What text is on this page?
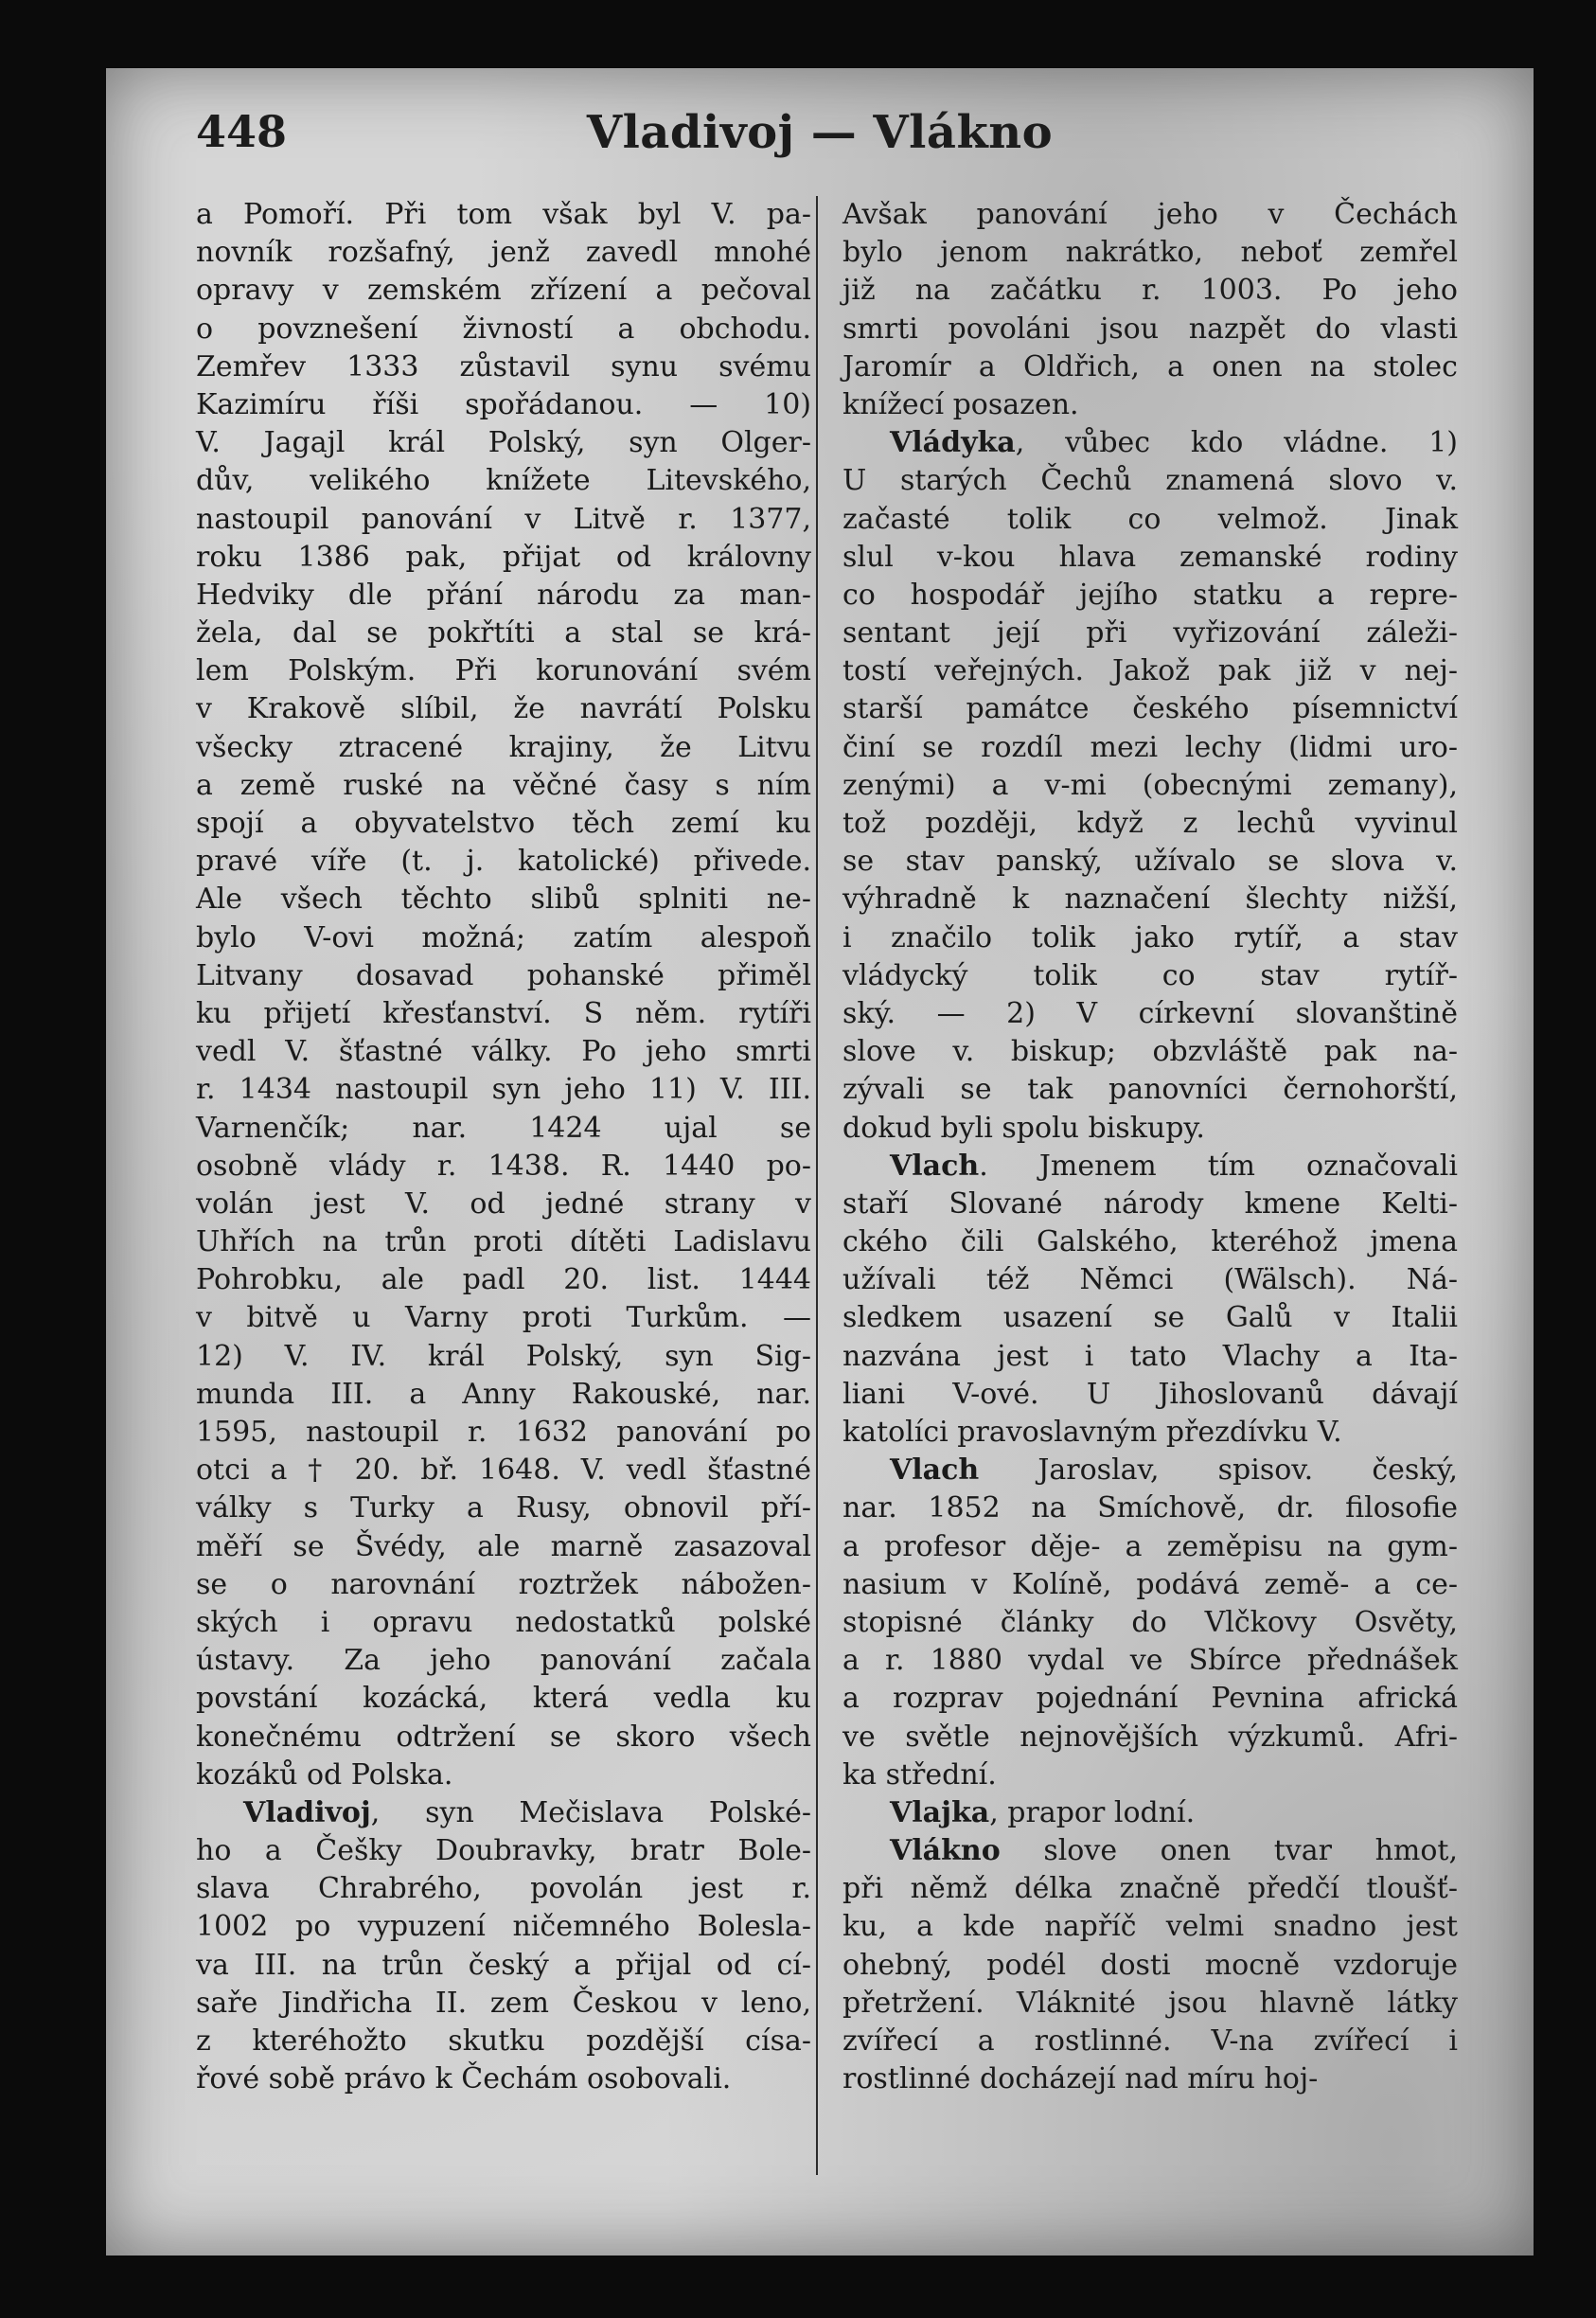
448	Vladivoj — Vlákno
a Pomoří. Při tom však byl V. pa-
novník rozšafný, jenž zavedl mnohé
opravy v zemském zřízení a pečoval
o povznešení živností a obchodu.
Zemřev 1333 zůstavil synu svému
Kazimíru říši spořádanou. — 10)
V. Jagajl král Polský, syn Olger-
dův, velikého knížete Litevského,
nastoupil panování v Litvě r. 1377,
roku 1386 pak, přijat od královny
Hedviky dle přání národu za man-
žela, dal se pokřtíti a stal se krá-
lem Polským. Při korunování svém
v Krakově slíbil, že navrátí Polsku
všecky ztracené krajiny, že Litvu
a země ruské na věčné časy s ním
spojí a obyvatelstvo těch zemí ku
pravé víře (t. j. katolické) přivede.
Ale všech těchto slibů splniti ne-
bylo V-ovi možná; zatím alespoň
Litvany dosavad pohanské přiměl
ku přijetí křesťanství. S něm. rytíři
vedl V. šťastné války. Po jeho smrti
r. 1434 nastoupil syn jeho 11) V. III.
Varnenčík; nar. 1424 ujal se
osobně vlády r. 1438. R. 1440 po-
volán jest V. od jedné strany v
Uhřích na trůn proti dítěti Ladislavu
Pohrobku, ale padl 20. list. 1444
v bitvě u Varny proti Turkům. —
12) V. IV. král Polský, syn Sig-
munda III. a Anny Rakouské, nar.
1595, nastoupil r. 1632 panování po
otci a † 20. bř. 1648. V. vedl šťastné
války s Turky a Rusy, obnovil pří-
měří se Švédy, ale marně zasazoval
se o narovnání roztržek nábožen-
ských i opravu nedostatků polské
ústavy. Za jeho panování začala
povstání kozácká, která vedla ku
konečnému odtržení se skoro všech
kozáků od Polska.
Vladivoj, syn Mečislava Polské-
ho a Češky Doubravky, bratr Bole-
slava Chrabrého, povolán jest r.
1002 po vypuzení ničemného Bolesla-
va III. na trůn český a přijal od cí-
saře Jindřicha II. zem Českou v leno,
z kteréhožto skutku pozdější císa-
řové sobě právo k Čechám osobovali.
Avšak panování jeho v Čechách
bylo jenom nakrátko, neboť zemřel
již na začátku r. 1003. Po jeho
smrti povoláni jsou nazpět do vlasti
Jaromír a Oldřich, a onen na stolec
knížecí posazen.
Vládyka, vůbec kdo vládne. 1)
U starých Čechů znamená slovo v.
začasté tolik co velmož. Jinak
slul v-kou hlava zemanské rodiny
co hospodář jejího statku a repre-
sentant její při vyřizování záleži-
tostí veřejných. Jakož pak již v nej-
starší památce českého písemnictví
činí se rozdíl mezi lechy (lidmi uro-
zenými) a v-mi (obecnými zemany),
tož později, když z lechů vyvinul
se stav panský, užívalo se slova v.
výhradně k naznačení šlechty nižší,
i značilo tolik jako rytíř, a stav
vládycký tolik co stav rytíř-
ský. — 2) V církevní slovanštině
slove v. biskup; obzvláště pak na-
zývali se tak panovníci černohorští,
dokud byli spolu biskupy.
Vlach. Jmenem tím označovali
staří Slované národy kmene Kelti-
ckého čili Galského, kteréhož jmena
užívali též Němci (Wälsch). Ná-
sledkem usazení se Galů v Italii
nazvána jest i tato Vlachy a Ita-
liani V-ové. U Jihoslovanů dávají
katolíci pravoslavným přezdívku V.
Vlach Jaroslav, spisov. český,
nar. 1852 na Smíchově, dr. filosofie
a profesor děje- a zeměpisu na gym-
nasium v Kolíně, podává země- a ce-
stopisné články do Vlčkovy Osvěty,
a r. 1880 vydal ve Sbírce přednášek
a rozprav pojednání Pevnina africká
ve světle nejnovějších výzkumů. Afri-
ka střední.
Vlajka, prapor lodní.
Vlákno slove onen tvar hmot,
při němž délka značně předčí tloušť-
ku, a kde napříč velmi snadno jest
ohebný, podél dosti mocně vzdoruje
přetržení. Vláknité jsou hlavně látky
zvířecí a rostlinné. V-na zvířecí i
rostlinné docházejí nad míru hoj-
